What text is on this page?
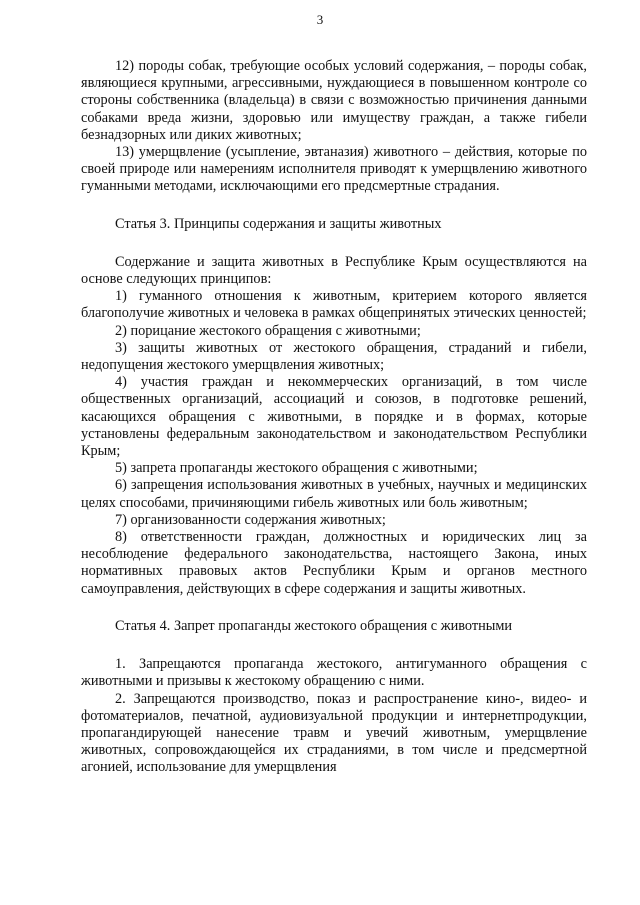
3

12) породы собак, требующие особых условий содержания, – породы собак, являющиеся крупными, агрессивными, нуждающиеся в повышенном контроле со стороны собственника (владельца) в связи с возможностью причинения данными собаками вреда жизни, здоровью или имуществу граждан, а также гибели безнадзорных или диких животных;

13) умерщвление (усыпление, эвтаназия) животного – действия, которые по своей природе или намерениям исполнителя приводят к умерщвлению животного гуманными методами, исключающими его предсмертные страдания.

Статья 3. Принципы содержания и защиты животных

Содержание и защита животных в Республике Крым осуществляются на основе следующих принципов:

1) гуманного отношения к животным, критерием которого является благополучие животных и человека в рамках общепринятых этических ценностей;

2) порицание жестокого обращения с животными;

3) защиты животных от жестокого обращения, страданий и гибели, недопущения жестокого умерщвления животных;

4) участия граждан и некоммерческих организаций, в том числе общественных организаций, ассоциаций и союзов, в подготовке решений, касающихся обращения с животными, в порядке и в формах, которые установлены федеральным законодательством и законодательством Республики Крым;

5) запрета пропаганды жестокого обращения с животными;

6) запрещения использования животных в учебных, научных и медицинских целях способами, причиняющими гибель животных или боль животным;

7) организованности содержания животных;

8) ответственности граждан, должностных и юридических лиц за несоблюдение федерального законодательства, настоящего Закона, иных нормативных правовых актов Республики Крым и органов местного самоуправления, действующих в сфере содержания и защиты животных.

Статья 4. Запрет пропаганды жестокого обращения с животными

1. Запрещаются пропаганда жестокого, антигуманного обращения с животными и призывы к жестокому обращению с ними.

2. Запрещаются производство, показ и распространение кино-, видео- и фотоматериалов, печатной, аудиовизуальной продукции и интернетпродукции, пропагандирующей нанесение травм и увечий животным, умерщвление животных, сопровождающейся их страданиями, в том числе и предсмертной агонией, использование для умерщвления
